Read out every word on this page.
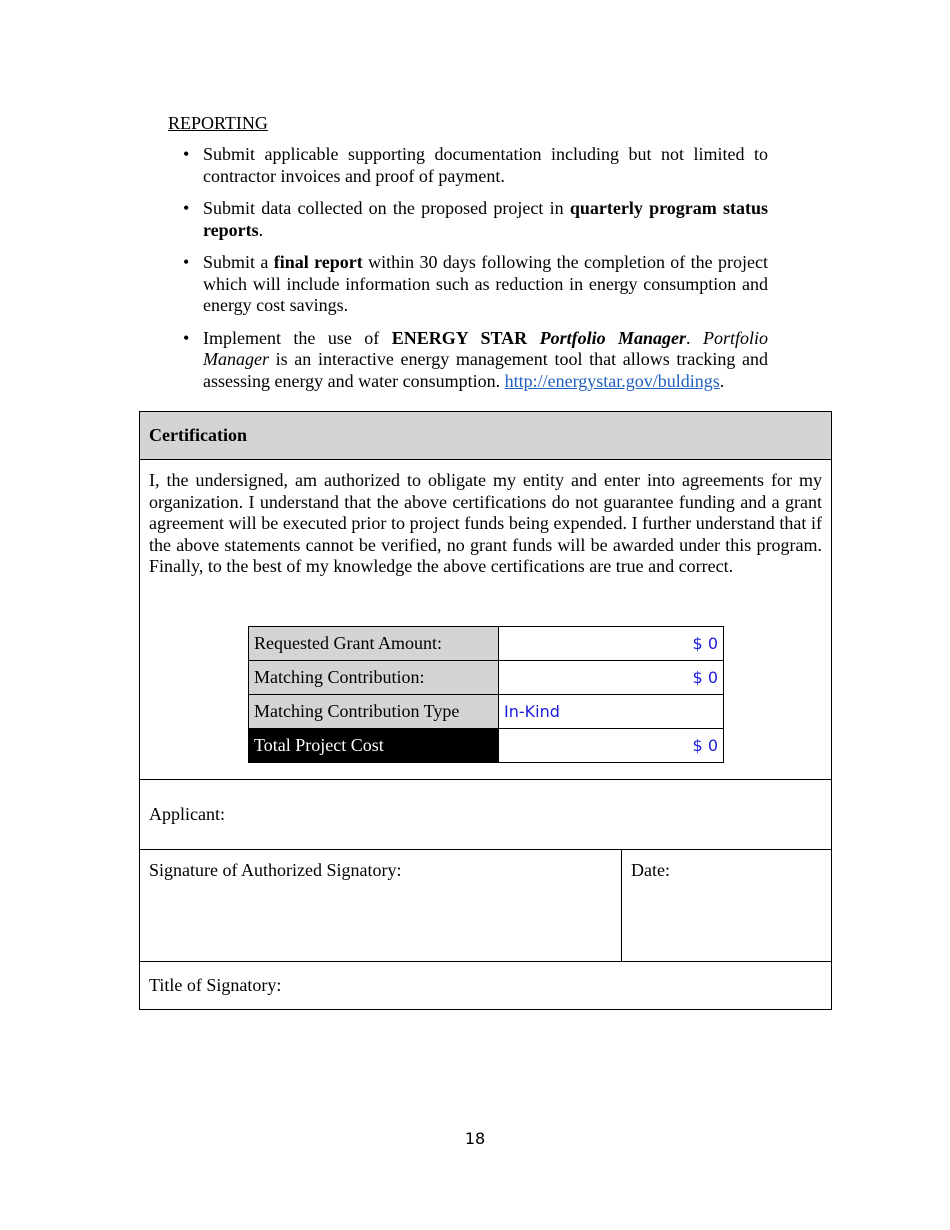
REPORTING
• Submit applicable supporting documentation including but not limited to contractor invoices and proof of payment.
• Submit data collected on the proposed project in quarterly program status reports.
• Submit a final report within 30 days following the completion of the project which will include information such as reduction in energy consumption and energy cost savings.
• Implement the use of ENERGY STAR Portfolio Manager. Portfolio Manager is an interactive energy management tool that allows tracking and assessing energy and water consumption. http://energystar.gov/buldings.
Certification
I, the undersigned, am authorized to obligate my entity and enter into agreements for my organization. I understand that the above certifications do not guarantee funding and a grant agreement will be executed prior to project funds being expended. I further understand that if the above statements cannot be verified, no grant funds will be awarded under this program. Finally, to the best of my knowledge the above certifications are true and correct.
Requested Grant Amount:	$ 0
Matching Contribution:	$ 0
Matching Contribution Type	In-Kind
Total Project Cost	$ 0
Applicant:
Signature of Authorized Signatory:	Date:
Title of Signatory:
18
